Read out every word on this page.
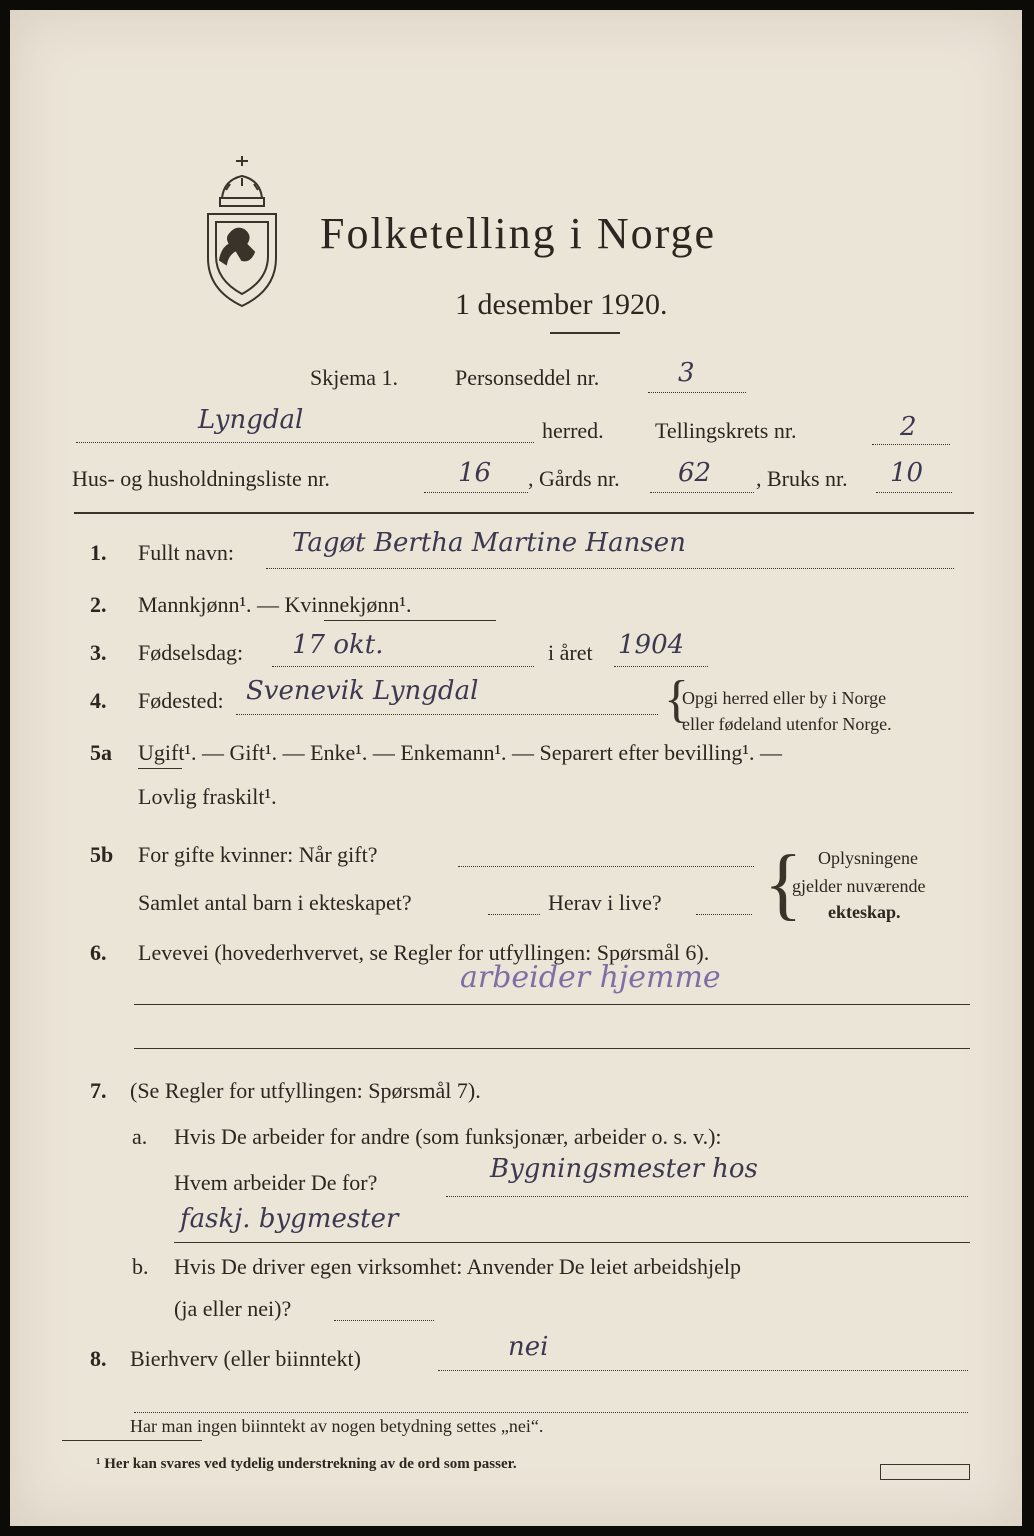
Folketelling i Norge
1 desember 1920.
Skjema 1.	Personseddel nr.	3
Lyngdal	herred. Tellingskrets nr.	2
Hus- og husholdningsliste nr.	16 , Gårds nr. 62 , Bruks nr. 10
1. Fullt navn: Tagøt Bertha Martine Hansen
2. Mannkjønn¹. — Kvinnekjønn¹.
3. Fødselsdag: 17 okt.	i året 1904
4. Fødested: Svenevik Lyngdal	{
Opgi herred eller by i Norge
eller fødeland utenfor Norge.
5a Ugift¹. — Gift¹. — Enke¹. — Enkemann¹. — Separert efter bevilling¹. —
Lovlig fraskilt¹.
5b For gifte kvinner: Når gift?
Samlet antal barn i ekteskapet?	Herav i live? { Oplysningene
gjelder nuværende
ekteskap.
6. Levevei (hovederhvervet, se Regler for utfyllingen: Spørsmål 6).
arbeider hjemme
7. (Se Regler for utfyllingen: Spørsmål 7).
a. Hvis De arbeider for andre (som funksjonær, arbeider o. s. v.):
Hvem arbeider De for?	Bygningsmester hos
faskj. bygmester
b. Hvis De driver egen virksomhet: Anvender De leiet arbeidshjelp
(ja eller nei)?
8. Bierhverv (eller biinntekt)	nei
Har man ingen biinntekt av nogen betydning settes „nei“.
¹ Her kan svares ved tydelig understrekning av de ord som passer.
